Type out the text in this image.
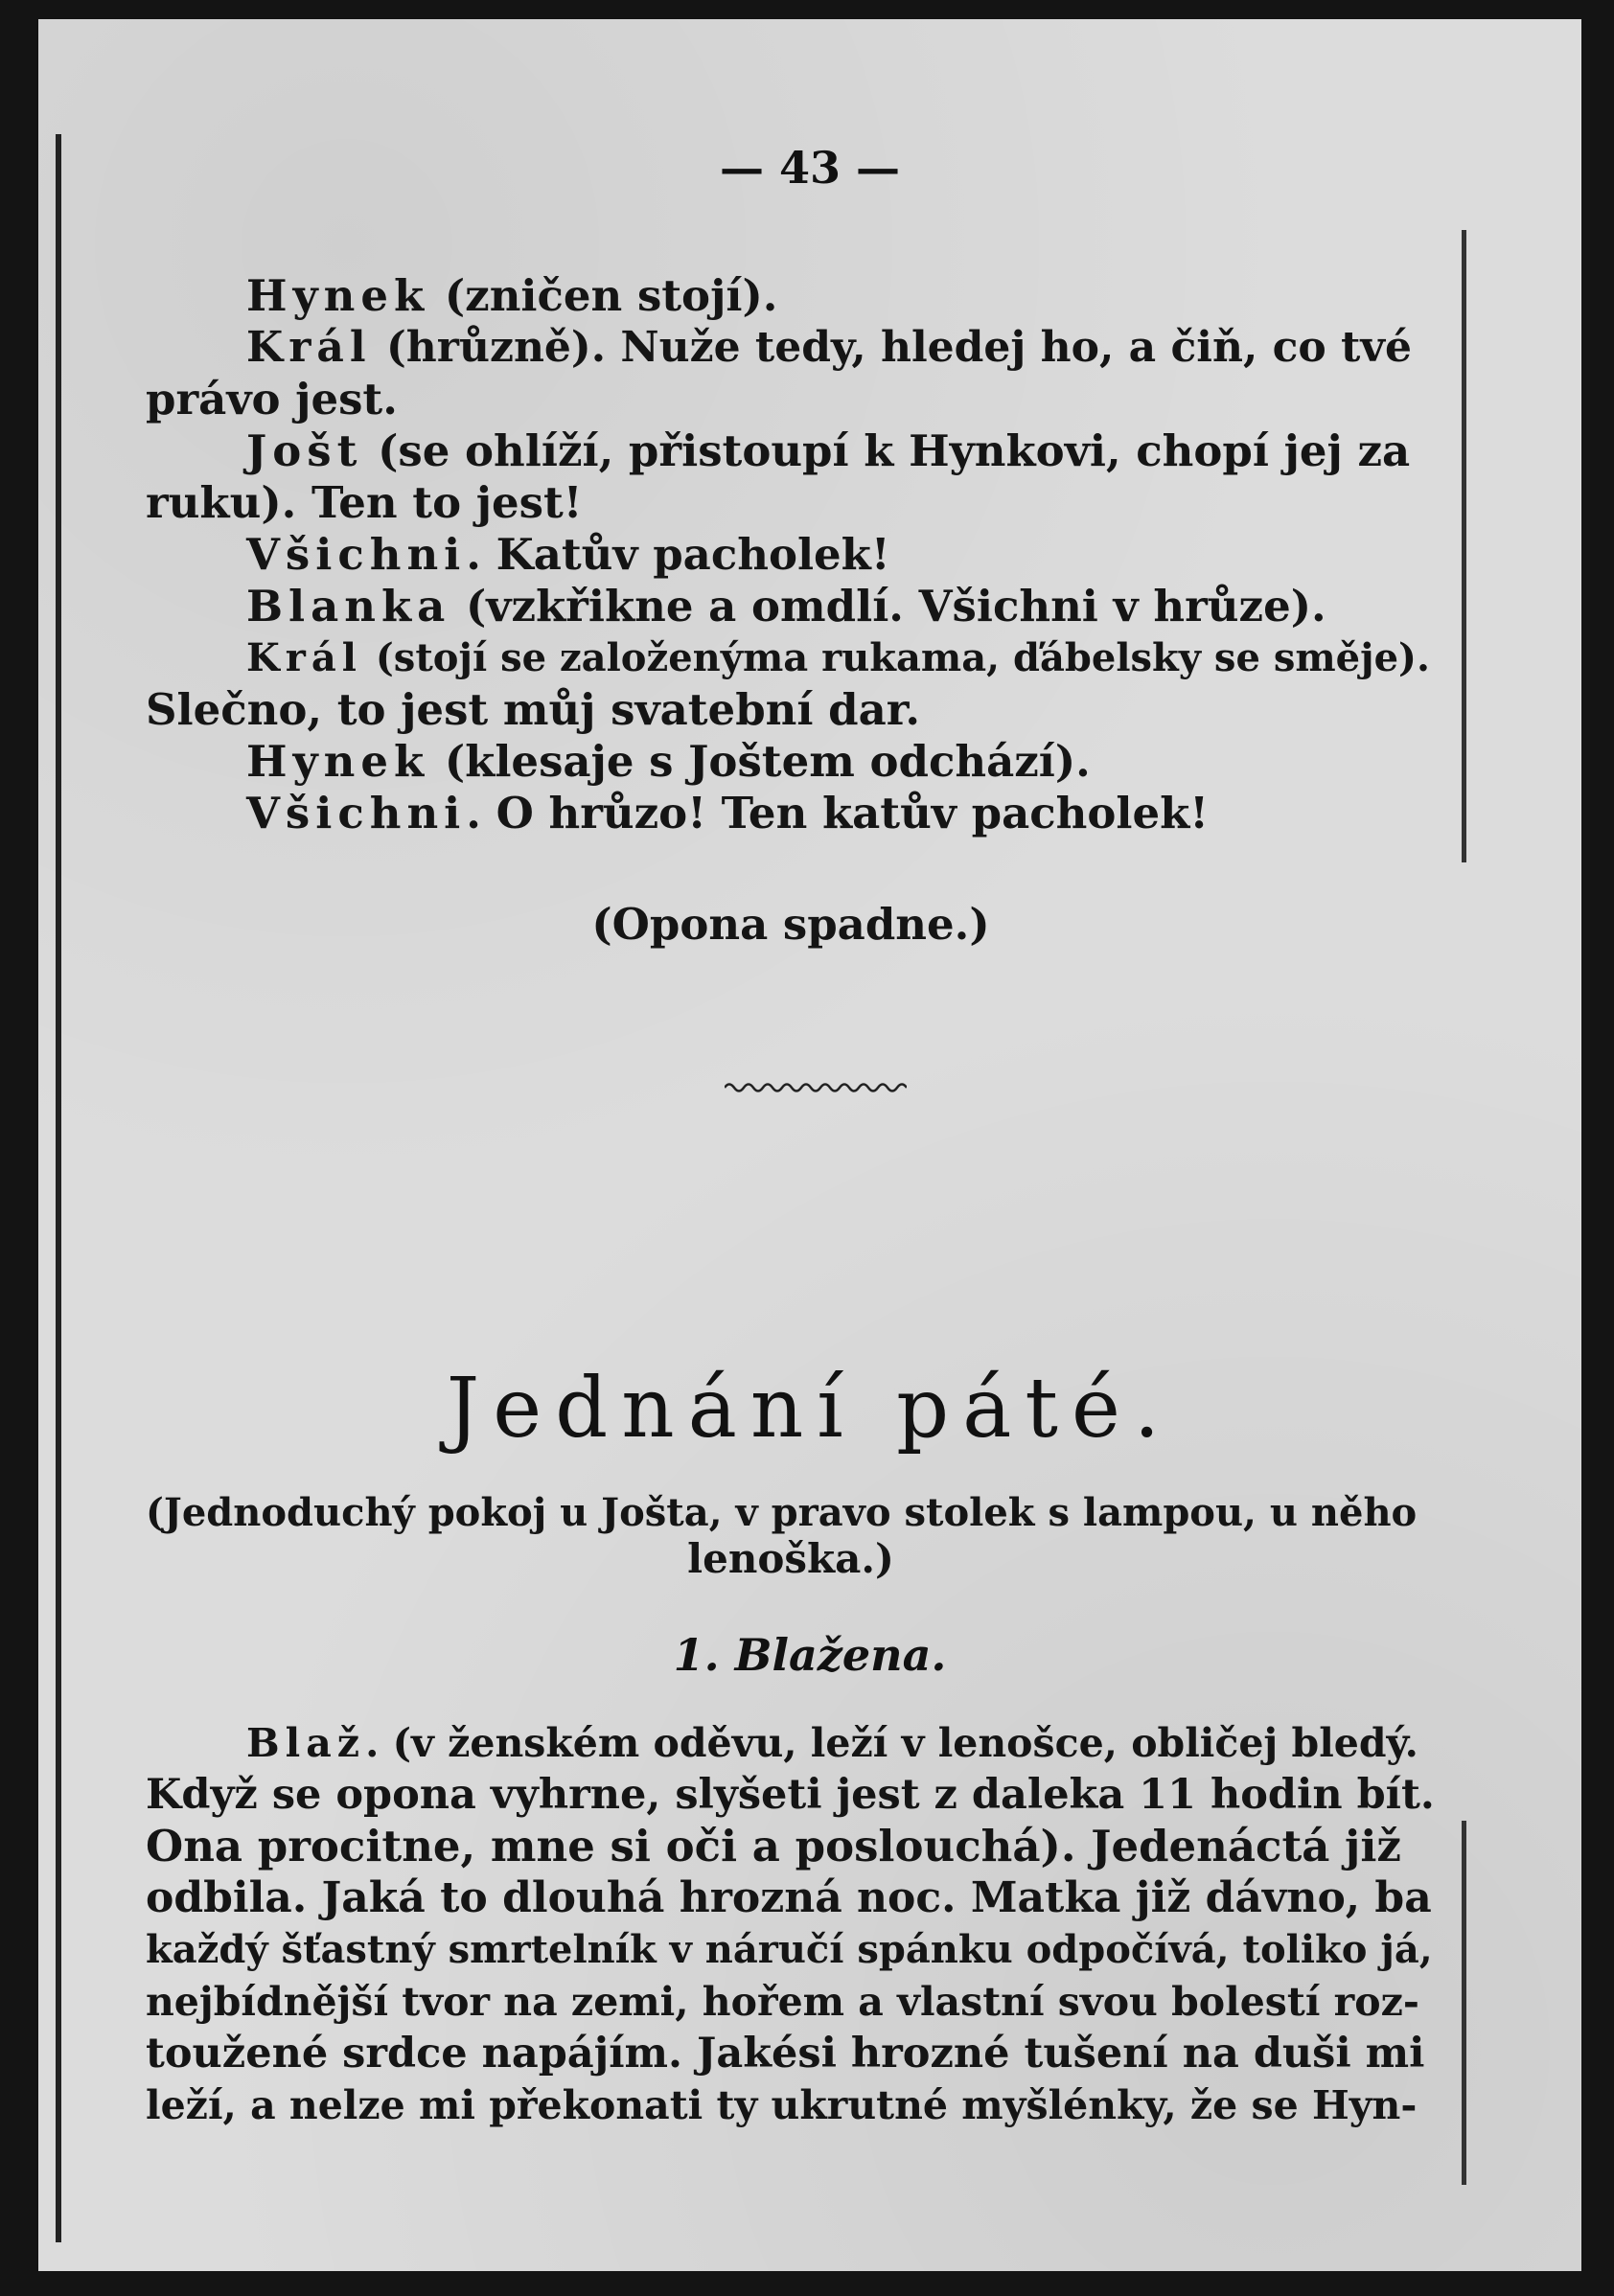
— 43 —
Hynek (zničen stojí).
Král (hrůzně). Nuže tedy, hledej ho, a čiň, co tvé
právo jest.
Jošt (se ohlíží, přistoupí k Hynkovi, chopí jej za
ruku). Ten to jest!
Všichni. Katův pacholek!
Blanka (vzkřikne a omdlí. Všichni v hrůze).
Král (stojí se založenýma rukama, ďábelsky se směje).
Slečno, to jest můj svatební dar.
Hynek (klesaje s Joštem odchází).
Všichni. O hrůzo! Ten katův pacholek!
(Opona spadne.)
Jednání páté.
(Jednoduchý pokoj u Jošta, v pravo stolek s lampou, u něho
lenoška.)
1. Blažena.
Blaž. (v ženském oděvu, leží v lenošce, obličej bledý.
Když se opona vyhrne, slyšeti jest z daleka 11 hodin bít.
Ona procitne, mne si oči a poslouchá). Jedenáctá již
odbila. Jaká to dlouhá hrozná noc. Matka již dávno, ba
každý šťastný smrtelník v náručí spánku odpočívá, toliko já,
nejbídnější tvor na zemi, hořem a vlastní svou bolestí roz-
toužené srdce napájím. Jakési hrozné tušení na duši mi
leží, a nelze mi překonati ty ukrutné myšlénky, že se Hyn-
